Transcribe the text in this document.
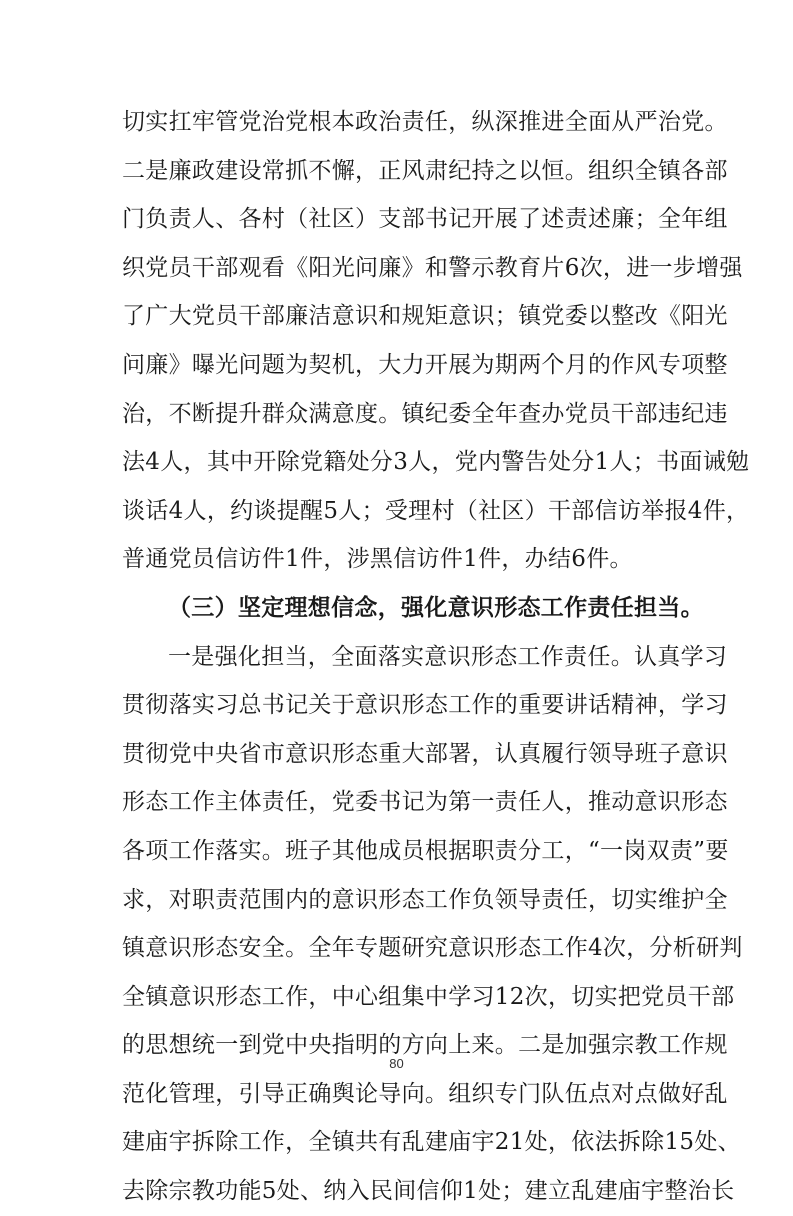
切实扛牢管党治党根本政治责任，纵深推进全面从严治党。
二是廉政建设常抓不懈，正风肃纪持之以恒。组织全镇各部
门负责人、各村（社区）支部书记开展了述责述廉；全年组
织党员干部观看《阳光问廉》和警示教育片6次，进一步增强
了广大党员干部廉洁意识和规矩意识；镇党委以整改《阳光
问廉》曝光问题为契机，大力开展为期两个月的作风专项整
治，不断提升群众满意度。镇纪委全年查办党员干部违纪违
法4人，其中开除党籍处分3人，党内警告处分1人；书面诫勉
谈话4人，约谈提醒5人；受理村（社区）干部信访举报4件，
普通党员信访件1件，涉黑信访件1件，办结6件。
（三）坚定理想信念，强化意识形态工作责任担当。
一是强化担当，全面落实意识形态工作责任。认真学习
贯彻落实习总书记关于意识形态工作的重要讲话精神，学习
贯彻党中央省市意识形态重大部署，认真履行领导班子意识
形态工作主体责任，党委书记为第一责任人，推动意识形态
各项工作落实。班子其他成员根据职责分工，“一岗双责”要
求，对职责范围内的意识形态工作负领导责任，切实维护全
镇意识形态安全。全年专题研究意识形态工作4次，分析研判
全镇意识形态工作，中心组集中学习12次，切实把党员干部
的思想统一到党中央指明的方向上来。二是加强宗教工作规
范化管理，引导正确舆论导向。组织专门队伍点对点做好乱
建庙宇拆除工作，全镇共有乱建庙宇21处，依法拆除15处、
去除宗教功能5处、纳入民间信仰1处；建立乱建庙宇整治长
80
